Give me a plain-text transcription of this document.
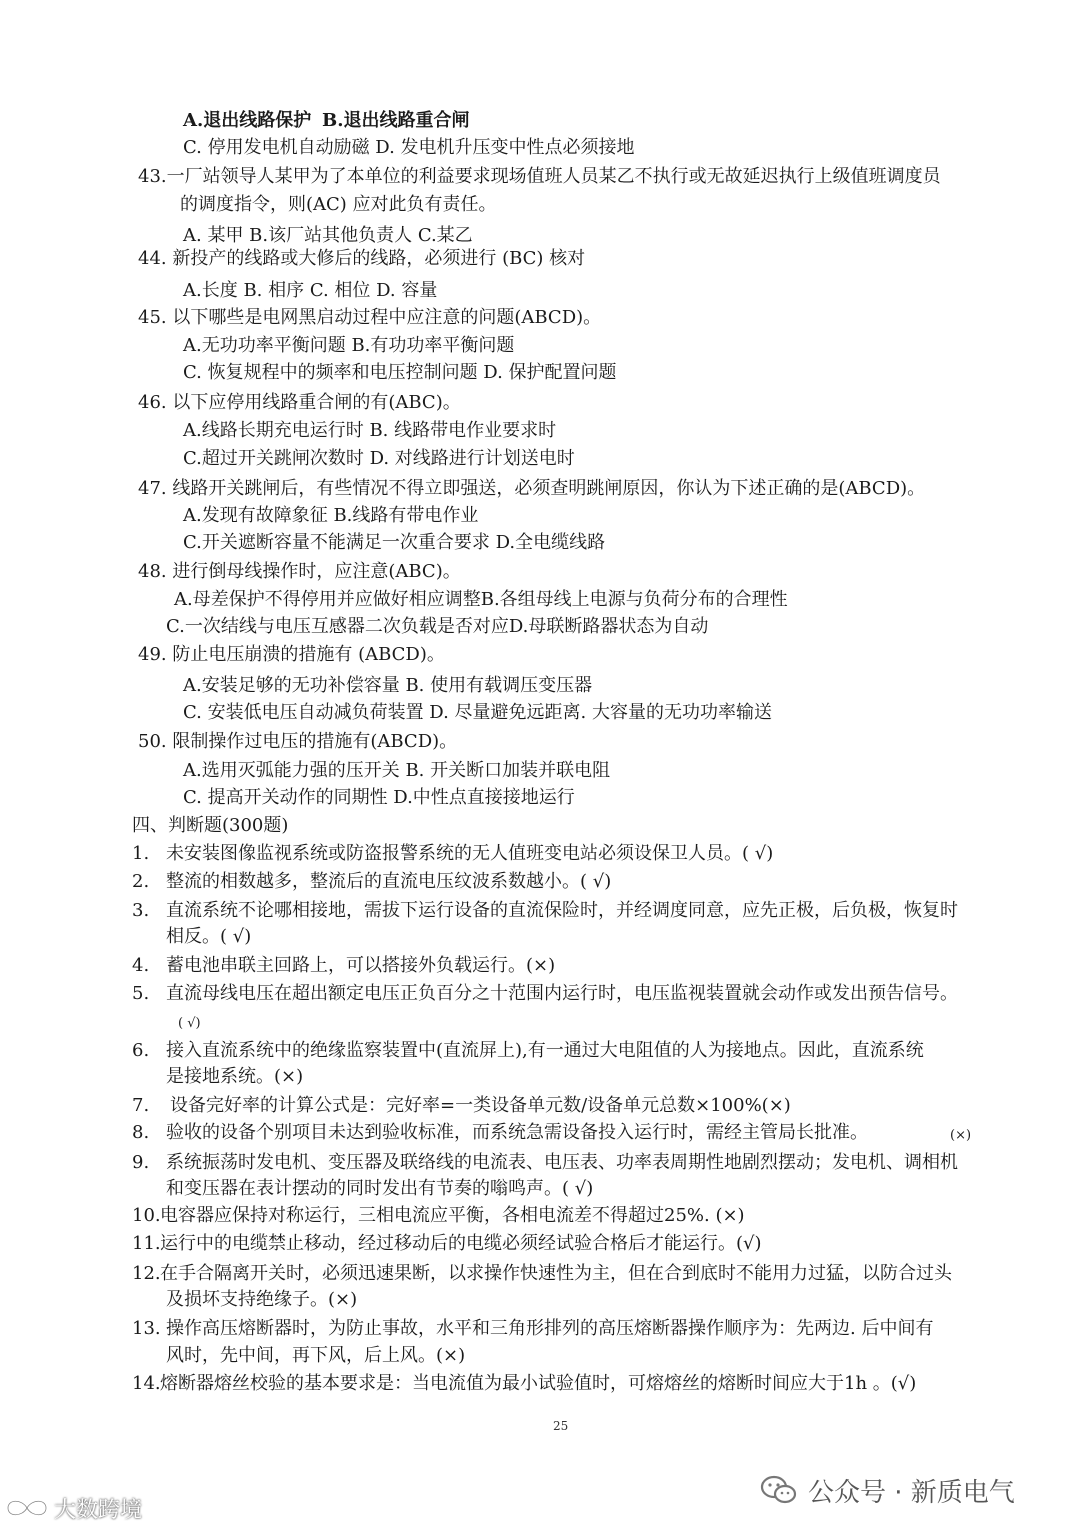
A.退出线路保护 B.退出线路重合闸
C. 停用发电机自动励磁 D. 发电机升压变中性点必须接地
43.一厂站领导人某甲为了本单位的利益要求现场值班人员某乙不执行或无故延迟执行上级值班调度员
的调度指令，则(AC) 应对此负有责任。
A. 某甲 B.该厂站其他负责人 C.某乙
44. 新投产的线路或大修后的线路，必须进行 (BC) 核对
A.长度 B. 相序 C. 相位 D. 容量
45. 以下哪些是电网黑启动过程中应注意的问题(ABCD)。
A.无功功率平衡问题 B.有功功率平衡问题
C. 恢复规程中的频率和电压控制问题 D. 保护配置问题
46. 以下应停用线路重合闸的有(ABC)。
A.线路长期充电运行时 B. 线路带电作业要求时
C.超过开关跳闸次数时 D. 对线路进行计划送电时
47. 线路开关跳闸后，有些情况不得立即强送，必须查明跳闸原因，你认为下述正确的是(ABCD)。
A.发现有故障象征 B.线路有带电作业
C.开关遮断容量不能满足一次重合要求 D.全电缆线路
48. 进行倒母线操作时，应注意(ABC)。
A.母差保护不得停用并应做好相应调整B.各组母线上电源与负荷分布的合理性
C.一次结线与电压互感器二次负载是否对应D.母联断路器状态为自动
49. 防止电压崩溃的措施有 (ABCD)。
A.安装足够的无功补偿容量 B. 使用有载调压变压器
C. 安装低电压自动减负荷装置 D. 尽量避免远距离. 大容量的无功功率输送
50. 限制操作过电压的措施有(ABCD)。
A.选用灭弧能力强的压开关 B. 开关断口加装并联电阻
C. 提高开关动作的同期性 D.中性点直接接地运行
四、判断题(300题)
1. 未安装图像监视系统或防盗报警系统的无人值班变电站必须设保卫人员。( √)
2. 整流的相数越多，整流后的直流电压纹波系数越小。( √)
3. 直流系统不论哪相接地，需拔下运行设备的直流保险时，并经调度同意，应先正极，后负极，恢复时
相反。( √)
4. 蓄电池串联主回路上，可以搭接外负载运行。(×)
5. 直流母线电压在超出额定电压正负百分之十范围内运行时，电压监视装置就会动作或发出预告信号。
( √)
6. 接入直流系统中的绝缘监察装置中(直流屏上),有一通过大电阻值的人为接地点。因此，直流系统
是接地系统。(×)
7. 设备完好率的计算公式是：完好率=一类设备单元数/设备单元总数×100%(×)
8. 验收的设备个别项目未达到验收标准，而系统急需设备投入运行时，需经主管局长批准。	(×)
9. 系统振荡时发电机、变压器及联络线的电流表、电压表、功率表周期性地剧烈摆动；发电机、调相机
和变压器在表计摆动的同时发出有节奏的嗡鸣声。( √)
10. 电容器应保持对称运行，三相电流应平衡，各相电流差不得超过25%. (×)
11. 运行中的电缆禁止移动，经过移动后的电缆必须经试验合格后才能运行。(√)
12. 在手合隔离开关时，必须迅速果断，以求操作快速性为主，但在合到底时不能用力过猛，以防合过头
及损坏支持绝缘子。(×)
13. 操作高压熔断器时，为防止事故，水平和三角形排列的高压熔断器操作顺序为：先两边. 后中间有
风时，先中间，再下风，后上风。(×)
14. 熔断器熔丝校验的基本要求是：当电流值为最小试验值时，可熔熔丝的熔断时间应大于1h 。(√)
25
公众号 · 新质电气
大数跨境
